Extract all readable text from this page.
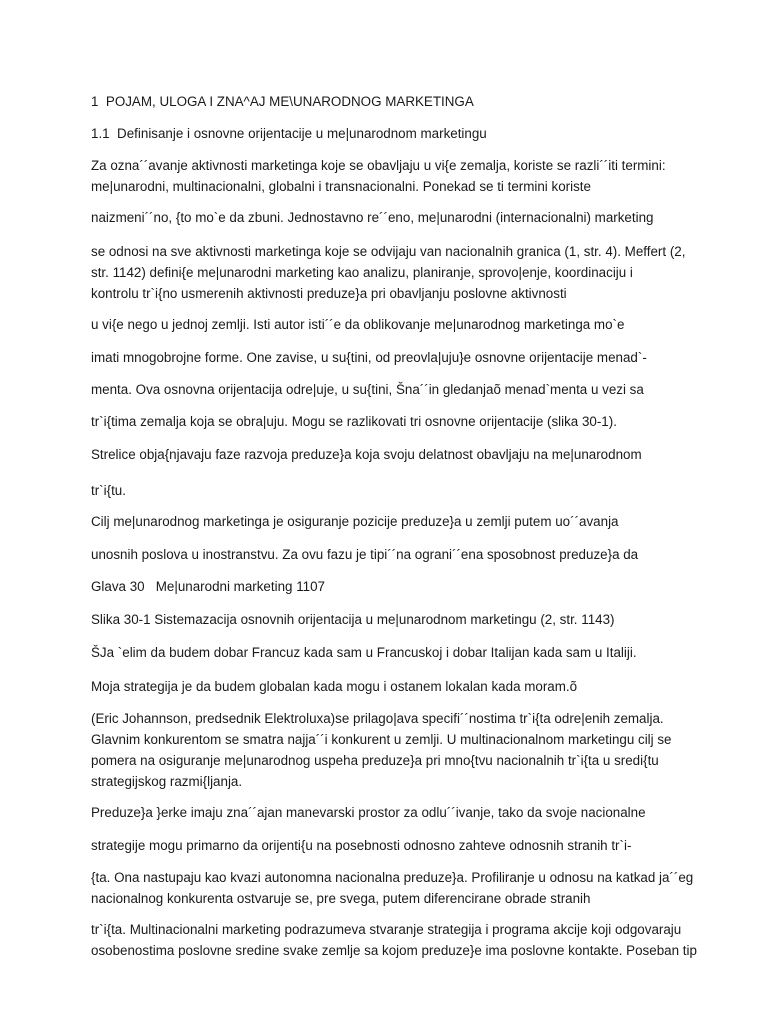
1  POJAM, ULOGA I ZNA^AJ ME\UNARODNOG MARKETINGA
1.1  Definisanje i osnovne orijentacije u me|unarodnom marketingu
Za ozna´´avanje aktivnosti marketinga koje se obavljaju u vi{e zemalja, koriste se razli´´iti termini:
me|unarodni, multinacionalni, globalni i transnacionalni. Ponekad se ti termini koriste
naizmeni´´no, {to mo`e da zbuni. Jednostavno re´´eno, me|unarodni (internacionalni) marketing
se odnosi na sve aktivnosti marketinga koje se odvijaju van nacionalnih granica (1, str. 4). Meffert (2,
str. 1142) defini{e me|unarodni marketing kao analizu, planiranje, sprovo|enje, koordinaciju i
kontrolu tr`i{no usmerenih aktivnosti preduze}a pri obavljanju poslovne aktivnosti
u vi{e nego u jednoj zemlji. Isti autor isti´´e da oblikovanje me|unarodnog marketinga mo`e
imati mnogobrojne forme. One zavise, u su{tini, od preovla|uju}e osnovne orijentacije menad`-
menta. Ova osnovna orijentacija odre|uje, u su{tini, Šna´´in gledanjaõ menad`menta u vezi sa
tr`i{tima zemalja koja se obra|uju. Mogu se razlikovati tri osnovne orijentacije (slika 30-1).
Strelice obja{njavaju faze razvoja preduze}a koja svoju delatnost obavljaju na me|unarodnom
tr`i{tu.
Cilj me|unarodnog marketinga je osiguranje pozicije preduze}a u zemlji putem uo´´avanja
unosnih poslova u inostranstvu. Za ovu fazu je tipi´´na ograni´´ena sposobnost preduze}a da
Glava 30   Me|unarodni marketing 1107
Slika 30-1 Sistemazacija osnovnih orijentacija u me|unarodnom marketingu (2, str. 1143)
ŠJa `elim da budem dobar Francuz kada sam u Francuskoj i dobar Italijan kada sam u Italiji.
Moja strategija je da budem globalan kada mogu i ostanem lokalan kada moram.õ
(Eric Johannson, predsednik Elektroluxa)se prilago|ava specifi´´nostima tr`i{ta odre|enih zemalja.
Glavnim konkurentom se smatra najja´´i konkurent u zemlji. U multinacionalnom marketingu cilj se
pomera na osiguranje me|unarodnog uspeha preduze}a pri mno{tvu nacionalnih tr`i{ta u sredi{tu
strategijskog razmi{ljanja.
Preduze}a }erke imaju zna´´ajan manevarski prostor za odlu´´ivanje, tako da svoje nacionalne
strategije mogu primarno da orijenti{u na posebnosti odnosno zahteve odnosnih stranih tr`i-
{ta. Ona nastupaju kao kvazi autonomna nacionalna preduze}a. Profiliranje u odnosu na katkad ja´´eg
nacionalnog konkurenta ostvaruje se, pre svega, putem diferencirane obrade stranih
tr`i{ta. Multinacionalni marketing podrazumeva stvaranje strategija i programa akcije koji odgovaraju
osobenostima poslovne sredine svake zemlje sa kojom preduze}e ima poslovne kontakte. Poseban tip
